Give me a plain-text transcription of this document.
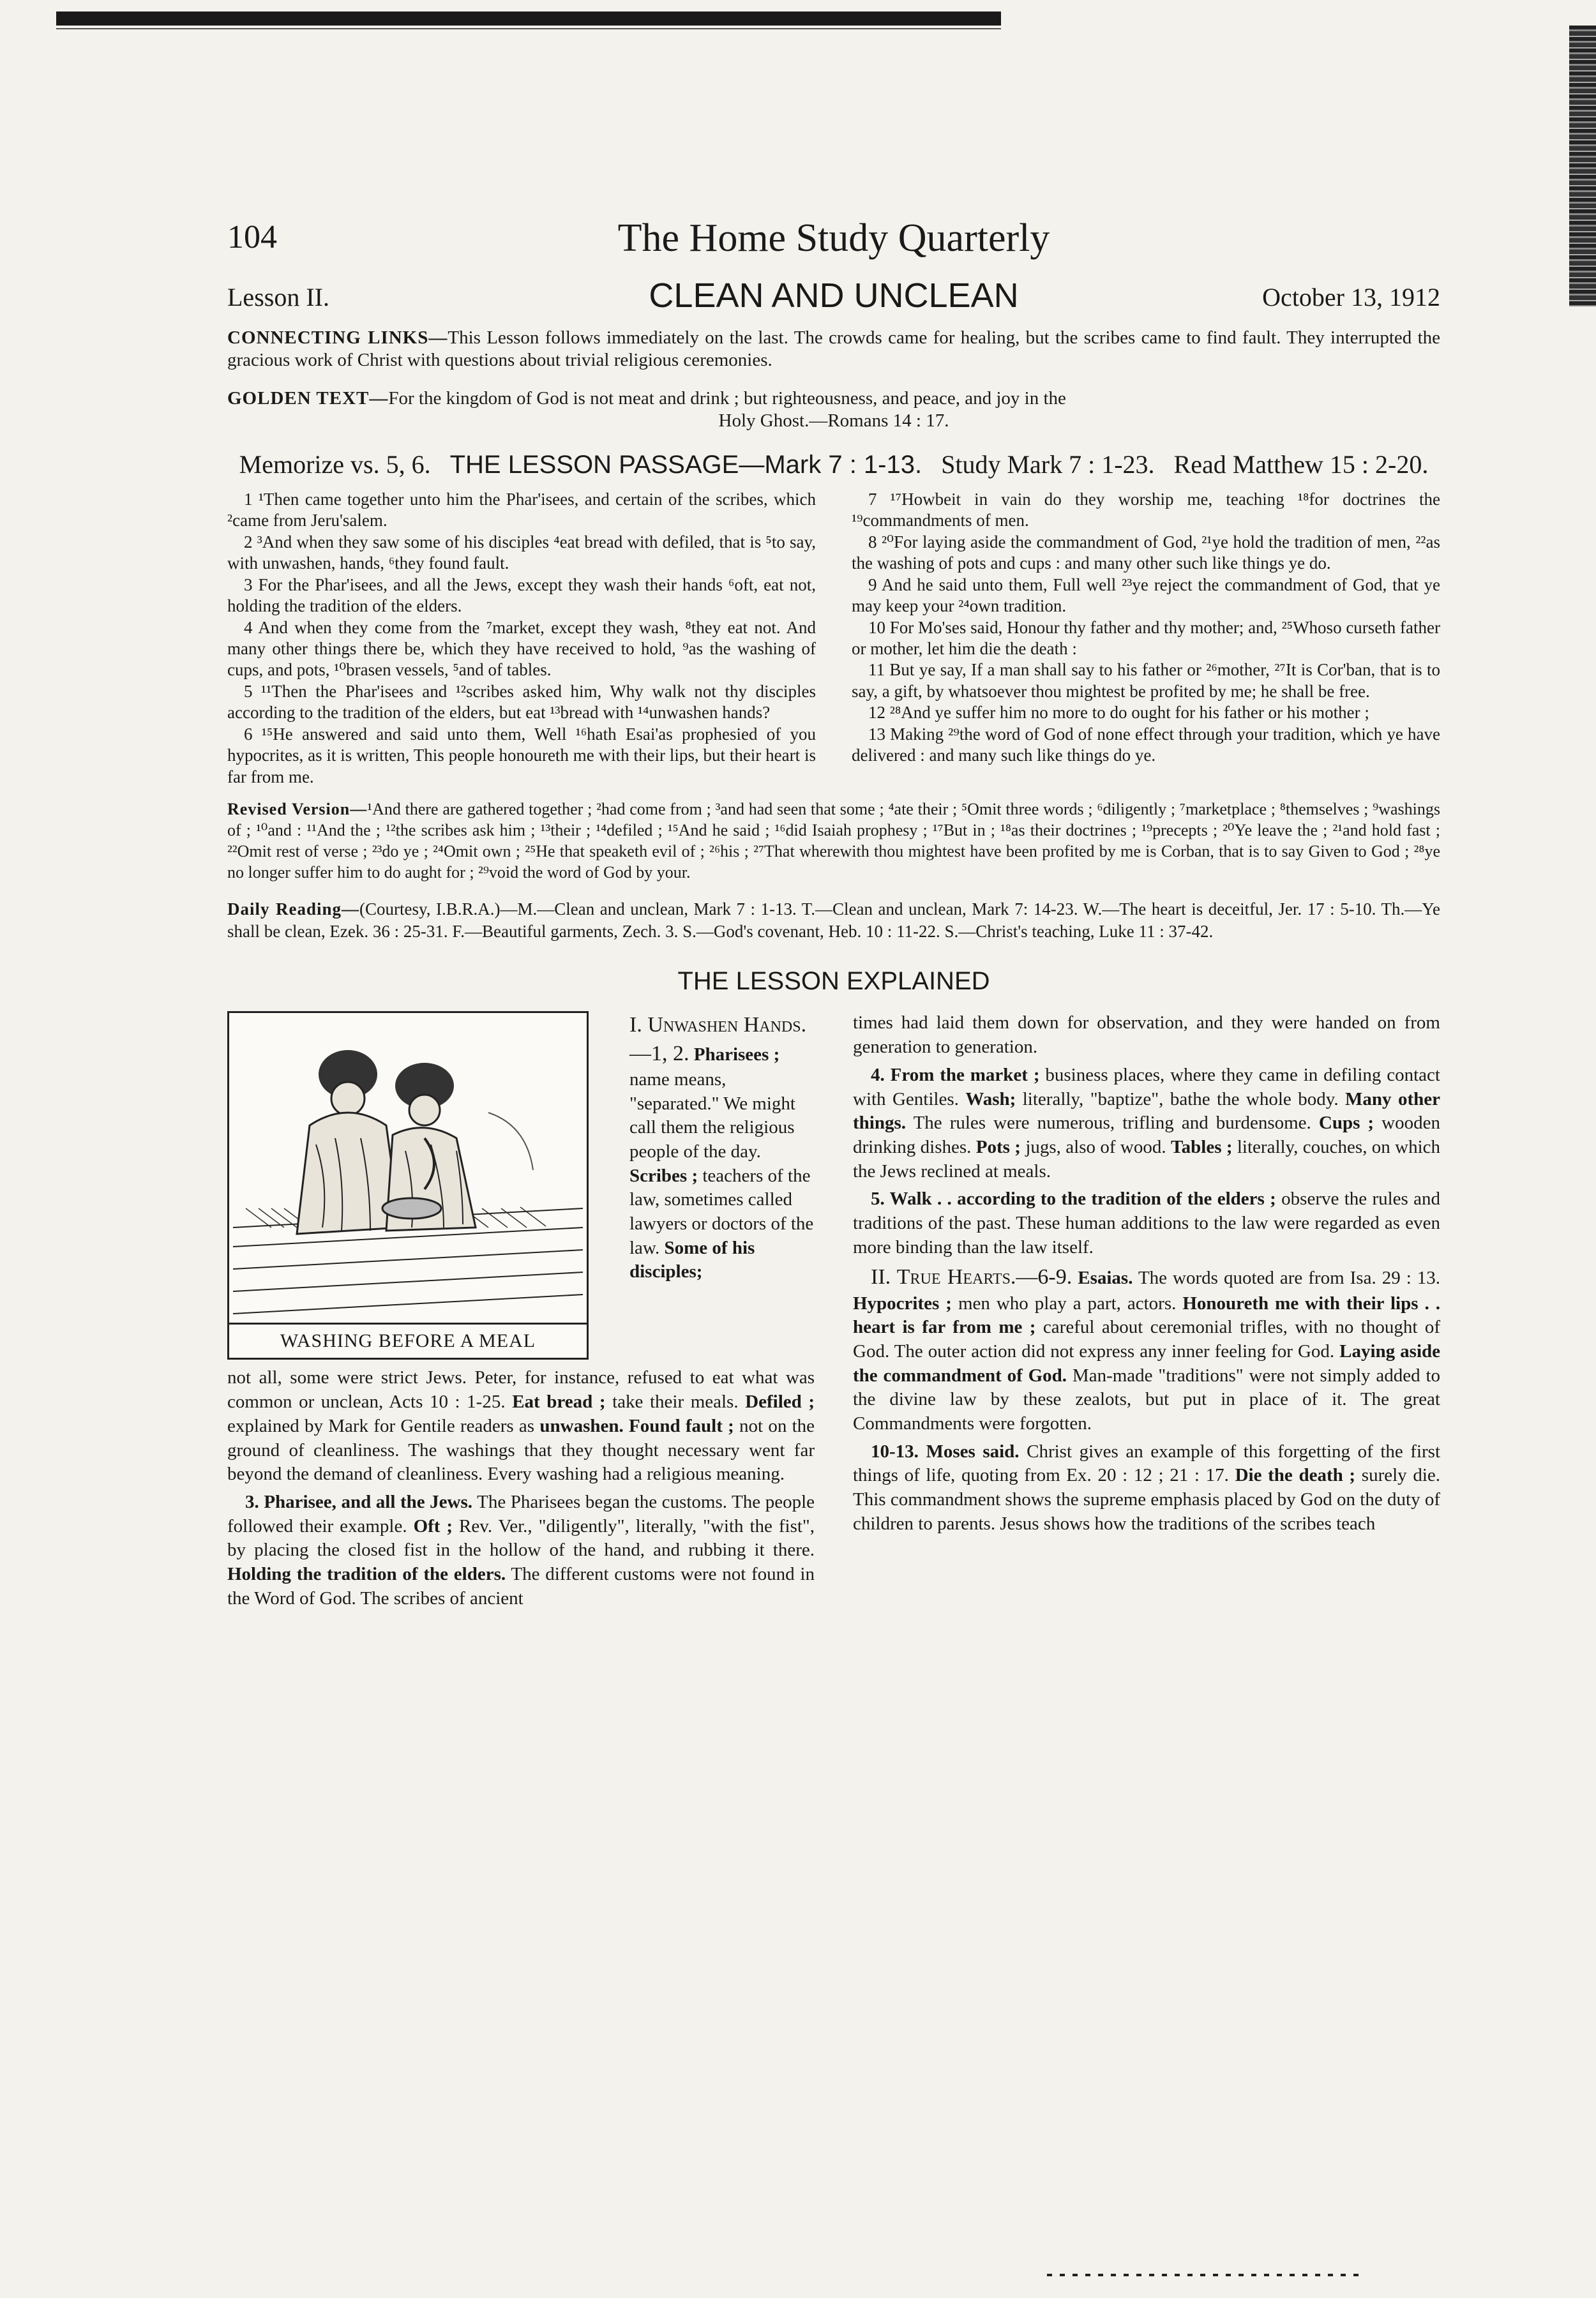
104	The Home Study Quarterly
Lesson II.	CLEAN AND UNCLEAN	October 13, 1912
CONNECTING LINKS—This Lesson follows immediately on the last. The crowds came for healing, but the scribes came to find fault. They interrupted the gracious work of Christ with questions about trivial religious ceremonies.
GOLDEN TEXT—For the kingdom of God is not meat and drink ; but righteousness, and peace, and joy in the
Holy Ghost.—Romans 14 : 17.
Memorize vs. 5, 6. THE LESSON PASSAGE—Mark 7 : 1-13. Study Mark 7 : 1-23. Read Matthew 15 : 2-20.

1 ¹Then came together unto him the Phar'isees, and certain of the scribes, which ²came from Jeru'salem.

2 ³And when they saw some of his disciples ⁴eat bread with defiled, that is ⁵to say, with unwashen, hands, ⁶they found fault.

3 For the Phar'isees, and all the Jews, except they wash their hands ⁶oft, eat not, holding the tradition of the elders.

4 And when they come from the ⁷market, except they wash, ⁸they eat not. And many other things there be, which they have received to hold, ⁹as the washing of cups, and pots, ¹⁰brasen vessels, ⁵and of tables.

5 ¹¹Then the Phar'isees and ¹²scribes asked him, Why walk not thy disciples according to the tradition of the elders, but eat ¹³bread with ¹⁴unwashen hands?

6 ¹⁵He answered and said unto them, Well ¹⁶hath Esai'as prophesied of you hypocrites, as it is written, This people honoureth me with their lips, but their heart is far from me.

7 ¹⁷Howbeit in vain do they worship me, teaching ¹⁸for doctrines the ¹⁹commandments of men.

8 ²⁰For laying aside the commandment of God, ²¹ye hold the tradition of men, ²²as the washing of pots and cups : and many other such like things ye do.

9 And he said unto them, Full well ²³ye reject the commandment of God, that ye may keep your ²⁴own tradition.

10 For Mo'ses said, Honour thy father and thy mother; and, ²⁵Whoso curseth father or mother, let him die the death :

11 But ye say, If a man shall say to his father or ²⁶mother, ²⁷It is Cor'ban, that is to say, a gift, by whatsoever thou mightest be profited by me; he shall be free.

12 ²⁸And ye suffer him no more to do ought for his father or his mother ;

13 Making ²⁹the word of God of none effect through your tradition, which ye have delivered : and many such like things do ye.

Revised Version—¹And there are gathered together ; ²had come from ; ³and had seen that some ; ⁴ate their ; ⁵Omit three words ; ⁶diligently ; ⁷marketplace ; ⁸themselves ; ⁹washings of ; ¹⁰and : ¹¹And the ; ¹²the scribes ask him ; ¹³their ; ¹⁴defiled ; ¹⁵And he said ; ¹⁶did Isaiah prophesy ; ¹⁷But in ; ¹⁸as their doctrines ; ¹⁹precepts ; ²⁰Ye leave the ; ²¹and hold fast ; ²²Omit rest of verse ; ²³do ye ; ²⁴Omit own ; ²⁵He that speaketh evil of ; ²⁶his ; ²⁷That wherewith thou mightest have been profited by me is Corban, that is to say Given to God ; ²⁸ye no longer suffer him to do aught for ; ²⁹void the word of God by your.
Daily Reading—(Courtesy, I.B.R.A.)—M.—Clean and unclean, Mark 7 : 1-13. T.—Clean and unclean, Mark 7: 14-23. W.—The heart is deceitful, Jer. 17 : 5-10. Th.—Ye shall be clean, Ezek. 36 : 25-31. F.—Beautiful garments, Zech. 3. S.—God's covenant, Heb. 10 : 11-22. S.—Christ's teaching, Luke 11 : 37-42.
THE LESSON EXPLAINED
WASHING BEFORE A MEAL

I. Unwashen Hands.—1, 2. Pharisees ; name means, "separated." We might call them the religious people of the day. Scribes ; teachers of the law, sometimes called lawyers or doctors of the law. Some of his disciples;

not all, some were strict Jews. Peter, for instance, refused to eat what was common or unclean, Acts 10 : 1-25. Eat bread ; take their meals. Defiled ; explained by Mark for Gentile readers as unwashen. Found fault ; not on the ground of cleanliness. The washings that they thought necessary went far beyond the demand of cleanliness. Every washing had a religious meaning.

3. Pharisee, and all the Jews. The Pharisees began the customs. The people followed their example. Oft ; Rev. Ver., "diligently", literally, "with the fist", by placing the closed fist in the hollow of the hand, and rubbing it there. Holding the tradition of the elders. The different customs were not found in the Word of God. The scribes of ancient

times had laid them down for observation, and they were handed on from generation to generation.

4. From the market ; business places, where they came in defiling contact with Gentiles. Wash; literally, "baptize", bathe the whole body. Many other things. The rules were numerous, trifling and burdensome. Cups ; wooden drinking dishes. Pots ; jugs, also of wood. Tables ; literally, couches, on which the Jews reclined at meals.

5. Walk . . according to the tradition of the elders ; observe the rules and traditions of the past. These human additions to the law were regarded as even more binding than the law itself.

II. True Hearts.—6-9. Esaias. The words quoted are from Isa. 29 : 13. Hypocrites ; men who play a part, actors. Honoureth me with their lips . . heart is far from me ; careful about ceremonial trifles, with no thought of God. The outer action did not express any inner feeling for God. Laying aside the commandment of God. Man-made "traditions" were not simply added to the divine law by these zealots, but put in place of it. The great Commandments were forgotten.

10-13. Moses said. Christ gives an example of this forgetting of the first things of life, quoting from Ex. 20 : 12 ; 21 : 17. Die the death ; surely die. This commandment shows the supreme emphasis placed by God on the duty of children to parents. Jesus shows how the traditions of the scribes teach
